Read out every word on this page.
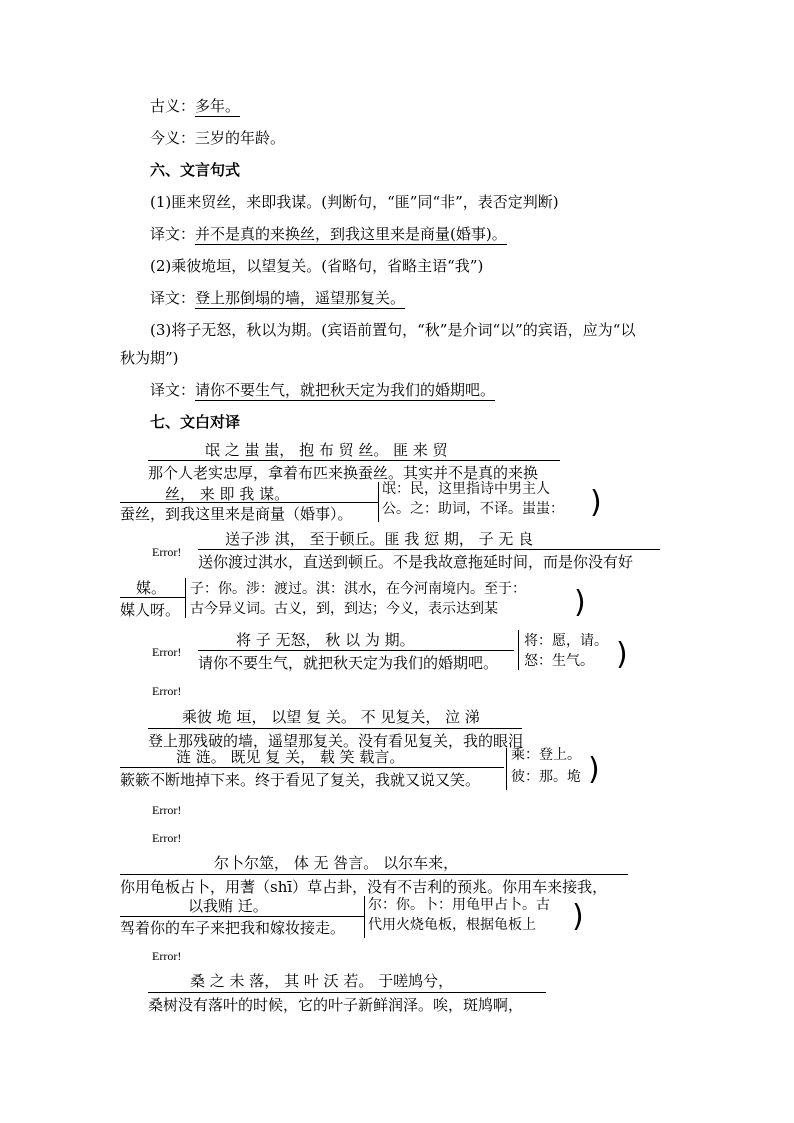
古义：多年。
今义：三岁的年龄。
六、文言句式
(1)匪来贸丝，来即我谋。(判断句，“匪”同“非”，表否定判断)
译文：并不是真的来换丝，到我这里来是商量(婚事)。
(2)乘彼垝垣，以望复关。(省略句，省略主语“我”)
译文：登上那倒塌的墙，遥望那复关。
(3)将子无怒，秋以为期。(宾语前置句，“秋”是介词“以”的宾语，应为“以
秋为期”)
译文：请你不要生气，就把秋天定为我们的婚期吧。
七、文白对译
氓 之 蚩 蚩， 抱 布 贸 丝。 匪 来 贸
那个人老实忠厚，拿着布匹来换蚕丝。其实并不是真的来换
丝， 来 即 我 谋。
蚕丝，到我这里来是商量（婚事）。
氓：民，这里指诗中男主人
公。之：助词，不译。蚩蚩： )
Error!
送子涉 淇， 至于顿丘。匪 我 愆 期， 子 无 良
送你渡过淇水，直送到顿丘。不是我故意拖延时间，而是你没有好
媒。
媒人呀。
子：你。涉：渡过。淇：淇水，在今河南境内。至于：
古今异义词。古义，到，到达；今义，表示达到某	)
Error!
将 子 无怒， 秋 以 为 期。
请你不要生气，就把秋天定为我们的婚期吧。
将：愿，请。
怒：生气。 )
Error!
乘彼 垝 垣， 以望 复 关。 不 见复关， 泣 涕
登上那残破的墙，遥望那复关。没有看见复关，我的眼泪
涟 涟。 既见 复 关， 载 笑 载言。
簌簌不断地掉下来。终于看见了复关，我就又说又笑。
乘：登上。
彼：那。垝 )
Error!
Error!
尔卜尔筮， 体 无 咎言。 以尔车来，
你用龟板占卜，用蓍（shī）草占卦，没有不吉利的预兆。你用车来接我，
以我贿 迁。
驾着你的车子来把我和嫁妆接走。
尔：你。卜：用龟甲占卜。古
代用火烧龟板，根据龟板上 )
Error!
桑 之 未 落， 其 叶 沃 若。 于嗟鸠兮，
桑树没有落叶的时候，它的叶子新鲜润泽。唉，斑鸠啊，
